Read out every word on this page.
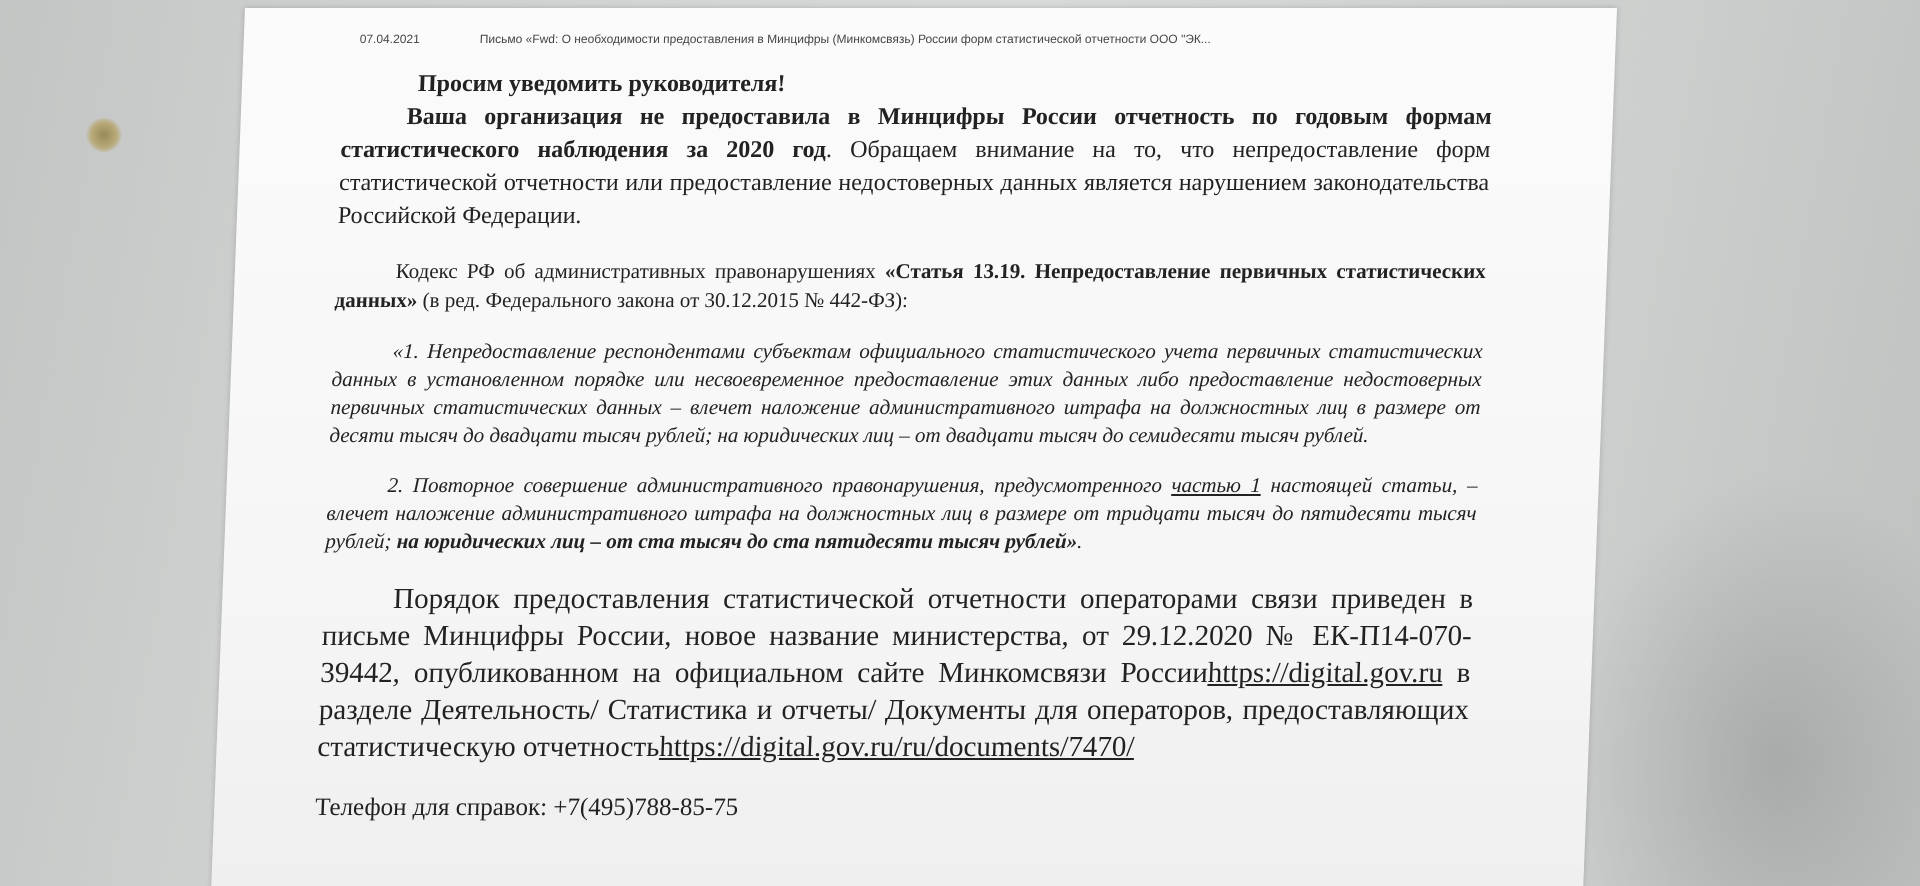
07.04.2021	Письмо «Fwd: О необходимости предоставления в Минцифры (Минкомсвязь) России форм статистической отчетности ООО "ЭК...
Просим уведомить руководителя!
Ваша организация не предоставила в Минцифры России отчетность по годовым формам статистического наблюдения за 2020 год. Обращаем внимание на то, что непредоставление форм статистической отчетности или предоставление недостоверных данных является нарушением законодательства Российской Федерации.
Кодекс РФ об административных правонарушениях «Статья 13.19. Непредоставление первичных статистических данных» (в ред. Федерального закона от 30.12.2015 № 442-ФЗ):
«1. Непредоставление респондентами субъектам официального статистического учета первичных статистических данных в установленном порядке или несвоевременное предоставление этих данных либо предоставление недостоверных первичных статистических данных – влечет наложение административного штрафа на должностных лиц в размере от десяти тысяч до двадцати тысяч рублей; на юридических лиц – от двадцати тысяч до семидесяти тысяч рублей.
2. Повторное совершение административного правонарушения, предусмотренного частью 1 настоящей статьи, – влечет наложение административного штрафа на должностных лиц в размере от тридцати тысяч до пятидесяти тысяч рублей; на юридических лиц – от ста тысяч до ста пятидесяти тысяч рублей».
Порядок предоставления статистической отчетности операторами связи приведен в письме Минцифры России, новое название министерства, от 29.12.2020 № ЕК-П14-070-39442, опубликованном на официальном сайте Минкомсвязи Россииhttps://digital.gov.ru в разделе Деятельность/ Статистика и отчеты/ Документы для операторов, предоставляющих статистическую отчетностьhttps://digital.gov.ru/ru/documents/7470/
Телефон для справок: +7(495)788-85-75
